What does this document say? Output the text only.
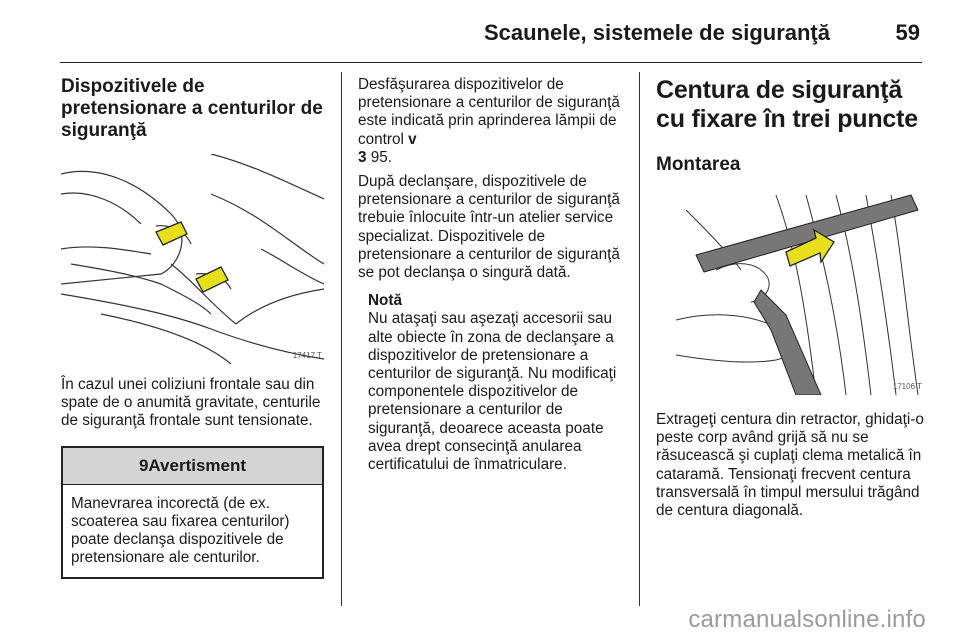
Scaunele, sistemele de siguranţă	59
Dispozitivele de pretensionare a centurilor de siguranţă
17417 T

În cazul unei coliziuni frontale sau din spate de o anumită gravitate, centurile de siguranţă frontale sunt tensionate.

9Avertisment

Manevrarea incorectă (de ex. scoaterea sau fixarea centurilor) poate declanşa dispozitivele de pretensionare ale centurilor.

Desfăşurarea dispozitivelor de pretensionare a centurilor de siguranţă este indicată prin aprinderea lămpii de control v
3 95.

După declanşare, dispozitivele de pretensionare a centurilor de siguranţă trebuie înlocuite într-un atelier service specializat. Dispozitivele de pretensionare a centurilor de siguranţă se pot declanşa o singură dată.

Notă

Nu ataşaţi sau aşezaţi accesorii sau alte obiecte în zona de declanşare a dispozitivelor de pretensionare a centurilor de siguranţă. Nu modificaţi componentele dispozitivelor de pretensionare a centurilor de siguranţă, deoarece aceasta poate avea drept consecinţă anularea certificatului de înmatriculare.

Centura de siguranţă cu fixare în trei puncte
Montarea
17106 T

Extrageţi centura din retractor, ghidaţi-o peste corp având grijă să nu se răsucească şi cuplaţi clema metalică în cataramă. Tensionaţi frecvent centura transversală în timpul mersului trăgând de centura diagonală.

carmanualsonline.info
